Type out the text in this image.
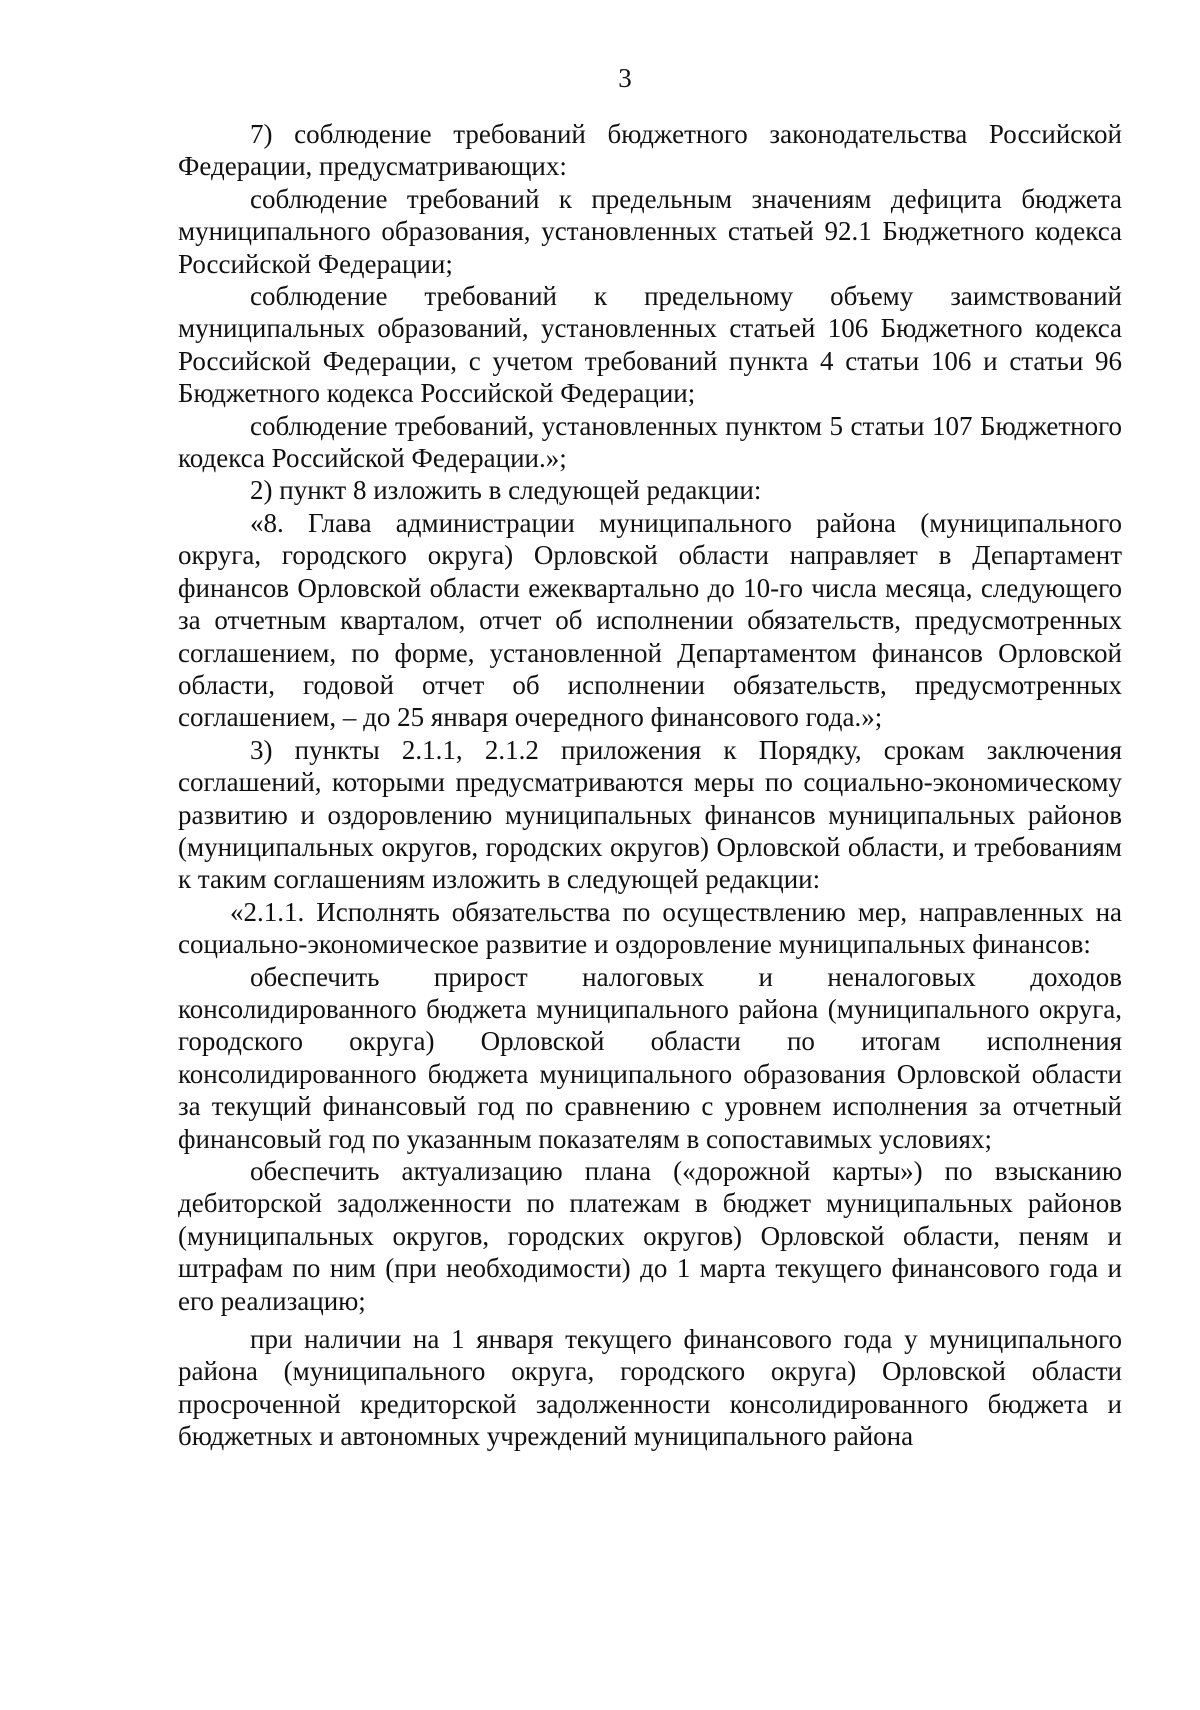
3

7) соблюдение требований бюджетного законодательства Российской Федерации, предусматривающих:

соблюдение требований к предельным значениям дефицита бюджета муниципального образования, установленных статьей 92.1 Бюджетного кодекса Российской Федерации;

соблюдение требований к предельному объему заимствований муниципальных образований, установленных статьей 106 Бюджетного кодекса Российской Федерации, с учетом требований пункта 4 статьи 106 и статьи 96 Бюджетного кодекса Российской Федерации;

соблюдение требований, установленных пунктом 5 статьи 107 Бюджетного кодекса Российской Федерации.»;

2) пункт 8 изложить в следующей редакции:

«8. Глава администрации муниципального района (муниципального округа, городского округа) Орловской области направляет в Департамент финансов Орловской области ежеквартально до 10-го числа месяца, следующего за отчетным кварталом, отчет об исполнении обязательств, предусмотренных соглашением, по форме, установленной Департаментом финансов Орловской области, годовой отчет об исполнении обязательств, предусмотренных соглашением, – до 25 января очередного финансового года.»;

3) пункты 2.1.1, 2.1.2 приложения к Порядку, срокам заключения соглашений, которыми предусматриваются меры по социально-экономическому развитию и оздоровлению муниципальных финансов муниципальных районов (муниципальных округов, городских округов) Орловской области, и требованиям к таким соглашениям изложить в следующей редакции:

«2.1.1. Исполнять обязательства по осуществлению мер, направленных на социально-экономическое развитие и оздоровление муниципальных финансов:

обеспечить прирост налоговых и неналоговых доходов консолидированного бюджета муниципального района (муниципального округа, городского округа) Орловской области по итогам исполнения консолидированного бюджета муниципального образования Орловской области за текущий финансовый год по сравнению с уровнем исполнения за отчетный финансовый год по указанным показателям в сопоставимых условиях;

обеспечить актуализацию плана («дорожной карты») по взысканию дебиторской задолженности по платежам в бюджет муниципальных районов (муниципальных округов, городских округов) Орловской области, пеням и штрафам по ним (при необходимости) до 1 марта текущего финансового года и его реализацию;

при наличии на 1 января текущего финансового года у муниципального района (муниципального округа, городского округа) Орловской области просроченной кредиторской задолженности консолидированного бюджета и бюджетных и автономных учреждений муниципального района
